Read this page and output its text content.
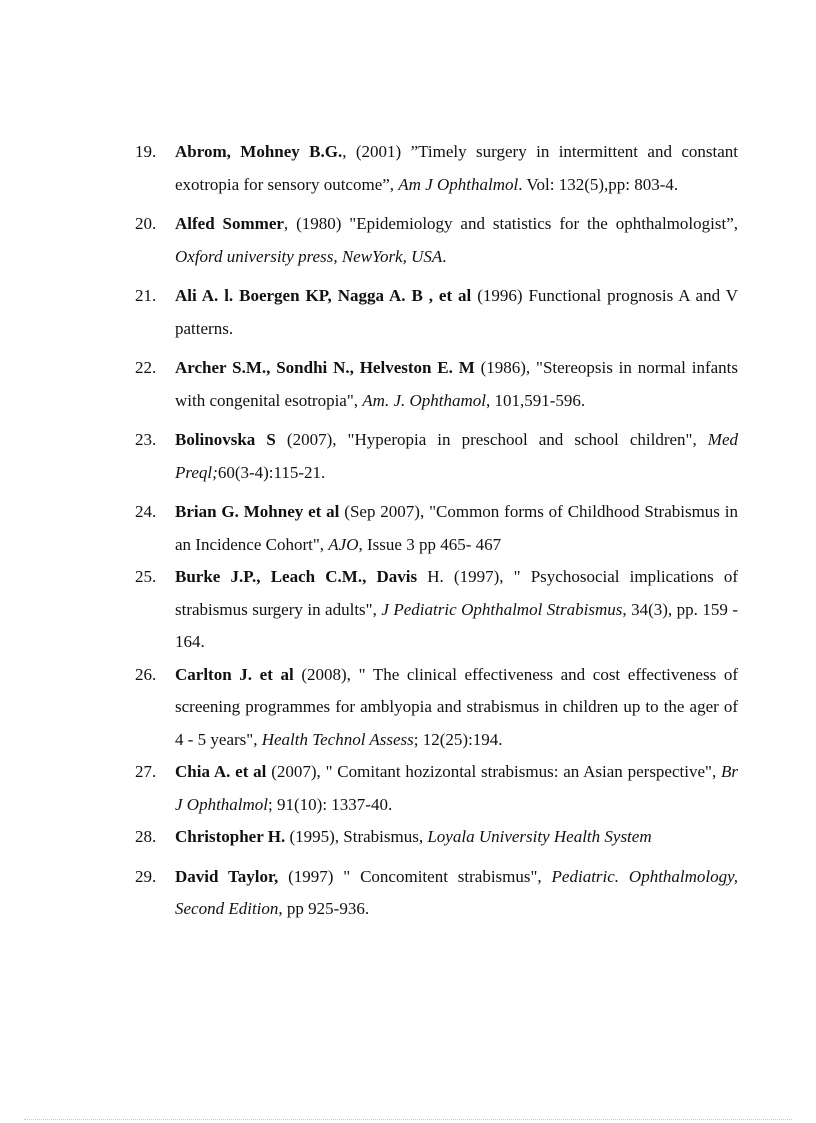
19. Abrom, Mohney B.G., (2001) ”Timely surgery in intermittent and constant exotropia for sensory outcome”, Am J Ophthalmol. Vol: 132(5),pp: 803-4.
20. Alfed Sommer, (1980) "Epidemiology and statistics for the ophthalmologist”, Oxford university press, NewYork, USA.
21. Ali A. l. Boergen KP, Nagga A. B , et al (1996) Functional prognosis A and V patterns.
22. Archer S.M., Sondhi N., Helveston E. M (1986), "Stereopsis in normal infants with congenital esotropia", Am. J. Ophthamol, 101,591-596.
23. Bolinovska S (2007), "Hyperopia in preschool and school children", Med Preql;60(3-4):115-21.
24. Brian G. Mohney et al (Sep 2007), "Common forms of Childhood Strabismus in an Incidence Cohort", AJO, Issue 3 pp 465- 467
25. Burke J.P., Leach C.M., Davis H. (1997), " Psychosocial implications of strabismus surgery in adults", J Pediatric Ophthalmol Strabismus, 34(3), pp. 159 - 164.
26. Carlton J. et al (2008), " The clinical effectiveness and cost effectiveness of screening programmes for amblyopia and strabismus in children up to the ager of 4 - 5 years", Health Technol Assess; 12(25):194.
27. Chia A. et al (2007), " Comitant hozizontal strabismus: an Asian perspective", Br J Ophthalmol; 91(10): 1337-40.
28. Christopher H. (1995), Strabismus, Loyala University Health System
29. David Taylor, (1997) " Concomitent strabismus", Pediatric. Ophthalmology, Second Edition, pp 925-936.
